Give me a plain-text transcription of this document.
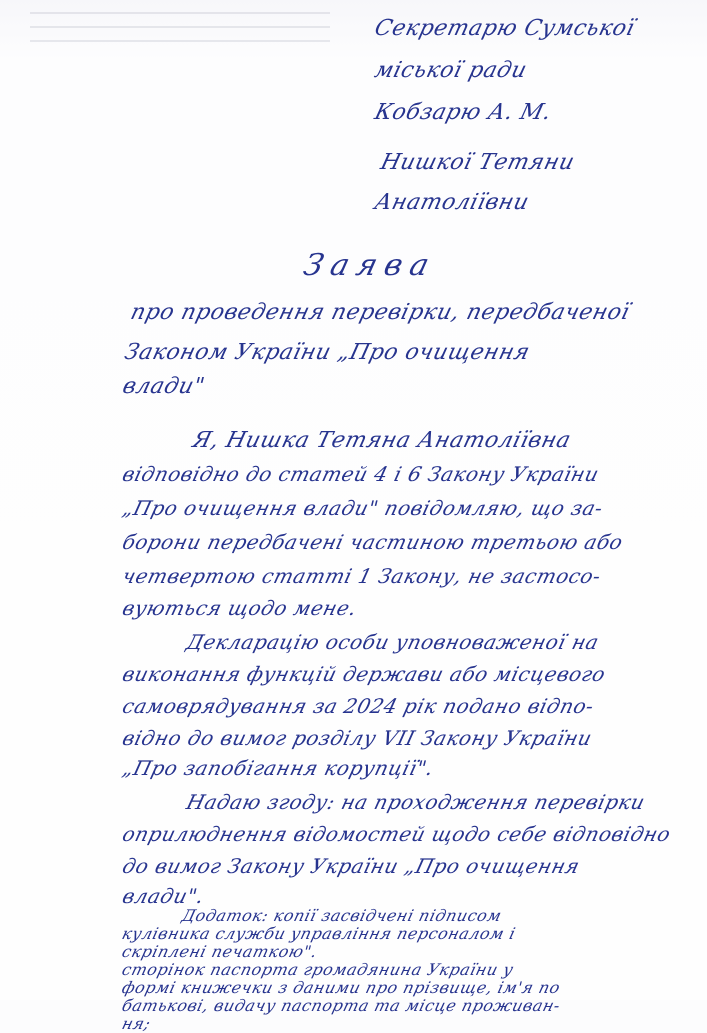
Секретарю Сумської
міської ради
Кобзарю А. М.
Нишкої Тетяни
Анатоліївни
Заява
про проведення перевірки, передбаченої
Законом України „Про очищення
влади"
Я, Нишка Тетяна Анатоліївна
відповідно до статей 4 і 6 Закону України
„Про очищення влади" повідомляю, що за-
борони передбачені частиною третьою або
четвертою статті 1 Закону, не застосо-
вуються щодо мене.
Декларацію особи уповноваженої на
виконання функцій держави або місцевого
самоврядування за 2024 рік подано відпо-
відно до вимог розділу VII Закону України
„Про запобігання корупції".
Надаю згоду: на проходження перевірки
оприлюднення відомостей щодо себе відповідно
до вимог Закону України „Про очищення
влади".
Додаток: копії засвідчені підписом
кулівника служби управління персоналом і
скріплені печаткою".
сторінок паспорта громадянина України у
формі книжечки з даними про прізвище, ім'я по
батькові, видачу паспорта та місце проживан-
ня;
